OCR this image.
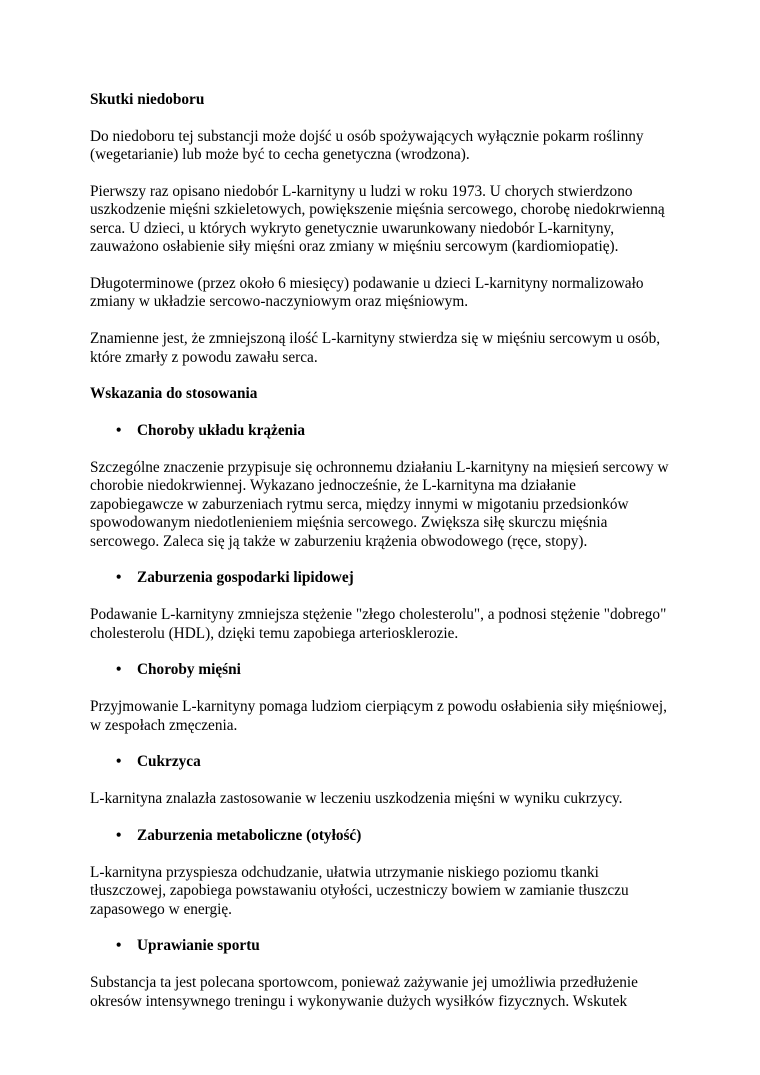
Skutki niedoboru

Do niedoboru tej substancji może dojść u osób spożywających wyłącznie pokarm roślinny (wegetarianie) lub może być to cecha genetyczna (wrodzona).

Pierwszy raz opisano niedobór L-karnityny u ludzi w roku 1973. U chorych stwierdzono uszkodzenie mięśni szkieletowych, powiększenie mięśnia sercowego, chorobę niedokrwienną serca. U dzieci, u których wykryto genetycznie uwarunkowany niedobór L-karnityny, zauważono osłabienie siły mięśni oraz zmiany w mięśniu sercowym (kardiomiopatię).

Długoterminowe (przez około 6 miesięcy) podawanie u dzieci L-karnityny normalizowało zmiany w układzie sercowo-naczyniowym oraz mięśniowym.

Znamienne jest, że zmniejszoną ilość L-karnityny stwierdza się w mięśniu sercowym u osób, które zmarły z powodu zawału serca.

Wskazania do stosowania

• Choroby układu krążenia

Szczególne znaczenie przypisuje się ochronnemu działaniu L-karnityny na mięsień sercowy w chorobie niedokrwiennej. Wykazano jednocześnie, że L-karnityna ma działanie zapobiegawcze w zaburzeniach rytmu serca, między innymi w migotaniu przedsionków spowodowanym niedotlenieniem mięśnia sercowego. Zwiększa siłę skurczu mięśnia sercowego. Zaleca się ją także w zaburzeniu krążenia obwodowego (ręce, stopy).

• Zaburzenia gospodarki lipidowej

Podawanie L-karnityny zmniejsza stężenie "złego cholesterolu", a podnosi stężenie "dobrego" cholesterolu (HDL), dzięki temu zapobiega arteriosklerozie.

• Choroby mięśni

Przyjmowanie L-karnityny pomaga ludziom cierpiącym z powodu osłabienia siły mięśniowej, w zespołach zmęczenia.

• Cukrzyca

L-karnityna znalazła zastosowanie w leczeniu uszkodzenia mięśni w wyniku cukrzycy.

• Zaburzenia metaboliczne (otyłość)

L-karnityna przyspiesza odchudzanie, ułatwia utrzymanie niskiego poziomu tkanki tłuszczowej, zapobiega powstawaniu otyłości, uczestniczy bowiem w zamianie tłuszczu zapasowego w energię.

• Uprawianie sportu

Substancja ta jest polecana sportowcom, ponieważ zażywanie jej umożliwia przedłużenie okresów intensywnego treningu i wykonywanie dużych wysiłków fizycznych. Wskutek
